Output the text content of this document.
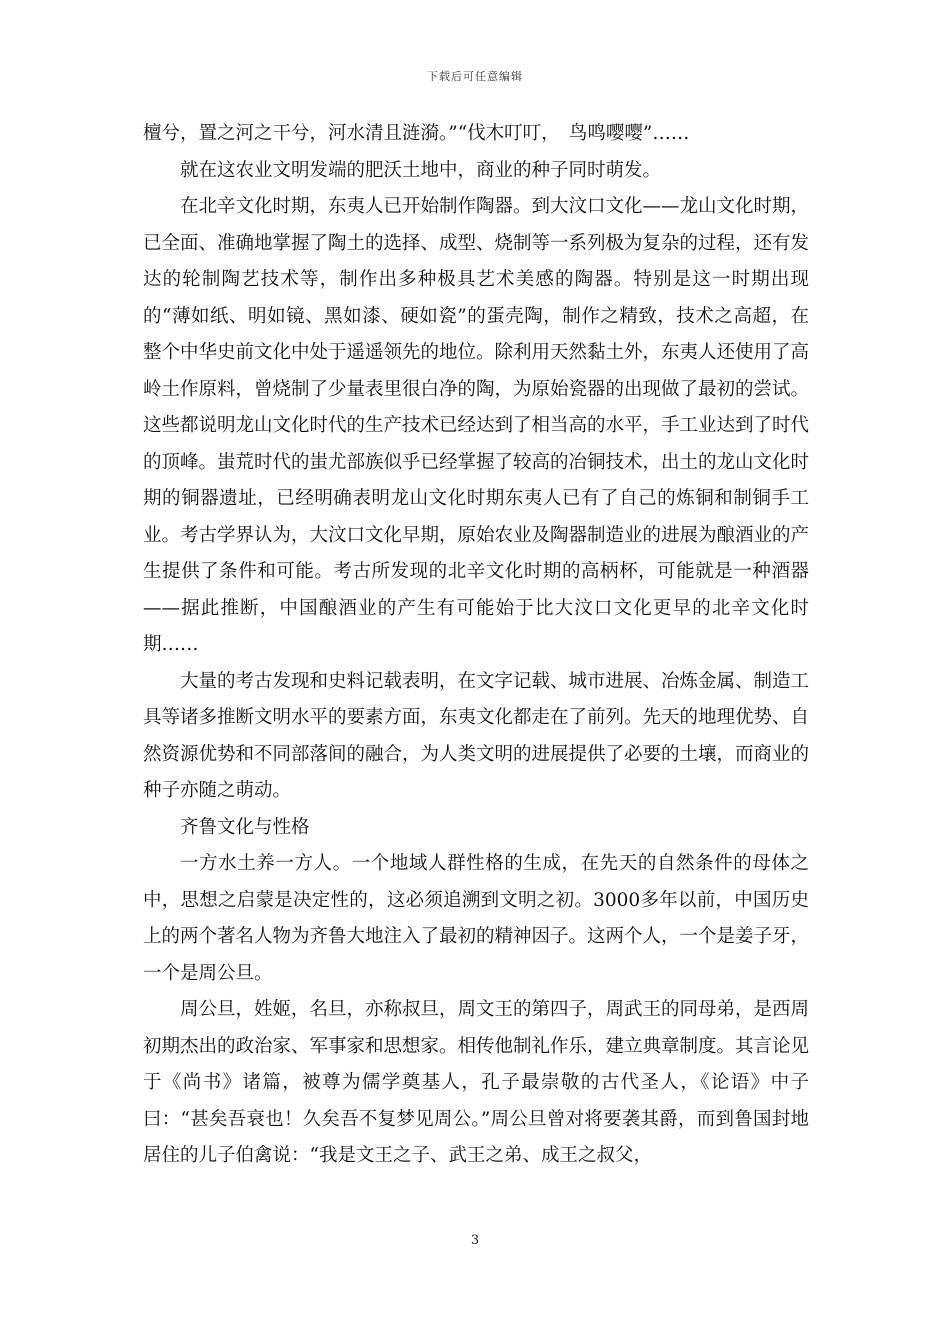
下载后可任意编辑

檀兮，置之河之干兮，河水清且涟漪。”“伐木叮叮，　鸟鸣嘤嘤”……

就在这农业文明发端的肥沃土地中，商业的种子同时萌发。

在北辛文化时期，东夷人已开始制作陶器。到大汶口文化——龙山文化时期，已全面、准确地掌握了陶土的选择、成型、烧制等一系列极为复杂的过程，还有发达的轮制陶艺技术等，制作出多种极具艺术美感的陶器。特别是这一时期出现的“薄如纸、明如镜、黑如漆、硬如瓷”的蛋壳陶，制作之精致，技术之高超，在整个中华史前文化中处于遥遥领先的地位。除利用天然黏土外，东夷人还使用了高岭土作原料，曾烧制了少量表里很白净的陶，为原始瓷器的出现做了最初的尝试。这些都说明龙山文化时代的生产技术已经达到了相当高的水平，手工业达到了时代的顶峰。蚩荒时代的蚩尤部族似乎已经掌握了较高的冶铜技术，出土的龙山文化时期的铜器遗址，已经明确表明龙山文化时期东夷人已有了自己的炼铜和制铜手工业。考古学界认为，大汶口文化早期，原始农业及陶器制造业的进展为酿酒业的产生提供了条件和可能。考古所发现的北辛文化时期的高柄杯，可能就是一种酒器——据此推断，中国酿酒业的产生有可能始于比大汶口文化更早的北辛文化时期……

大量的考古发现和史料记载表明，在文字记载、城市进展、冶炼金属、制造工具等诸多推断文明水平的要素方面，东夷文化都走在了前列。先天的地理优势、自然资源优势和不同部落间的融合，为人类文明的进展提供了必要的土壤，而商业的种子亦随之萌动。

齐鲁文化与性格

一方水土养一方人。一个地域人群性格的生成，在先天的自然条件的母体之中，思想之启蒙是决定性的，这必须追溯到文明之初。3000多年以前，中国历史上的两个著名人物为齐鲁大地注入了最初的精神因子。这两个人，一个是姜子牙，一个是周公旦。

周公旦，姓姬，名旦，亦称叔旦，周文王的第四子，周武王的同母弟，是西周初期杰出的政治家、军事家和思想家。相传他制礼作乐，建立典章制度。其言论见于《尚书》诸篇，被尊为儒学奠基人，孔子最崇敬的古代圣人，《论语》中子曰：“甚矣吾衰也！久矣吾不复梦见周公。”周公旦曾对将要袭其爵，而到鲁国封地居住的儿子伯禽说：“我是文王之子、武王之弟、成王之叔父，

3
